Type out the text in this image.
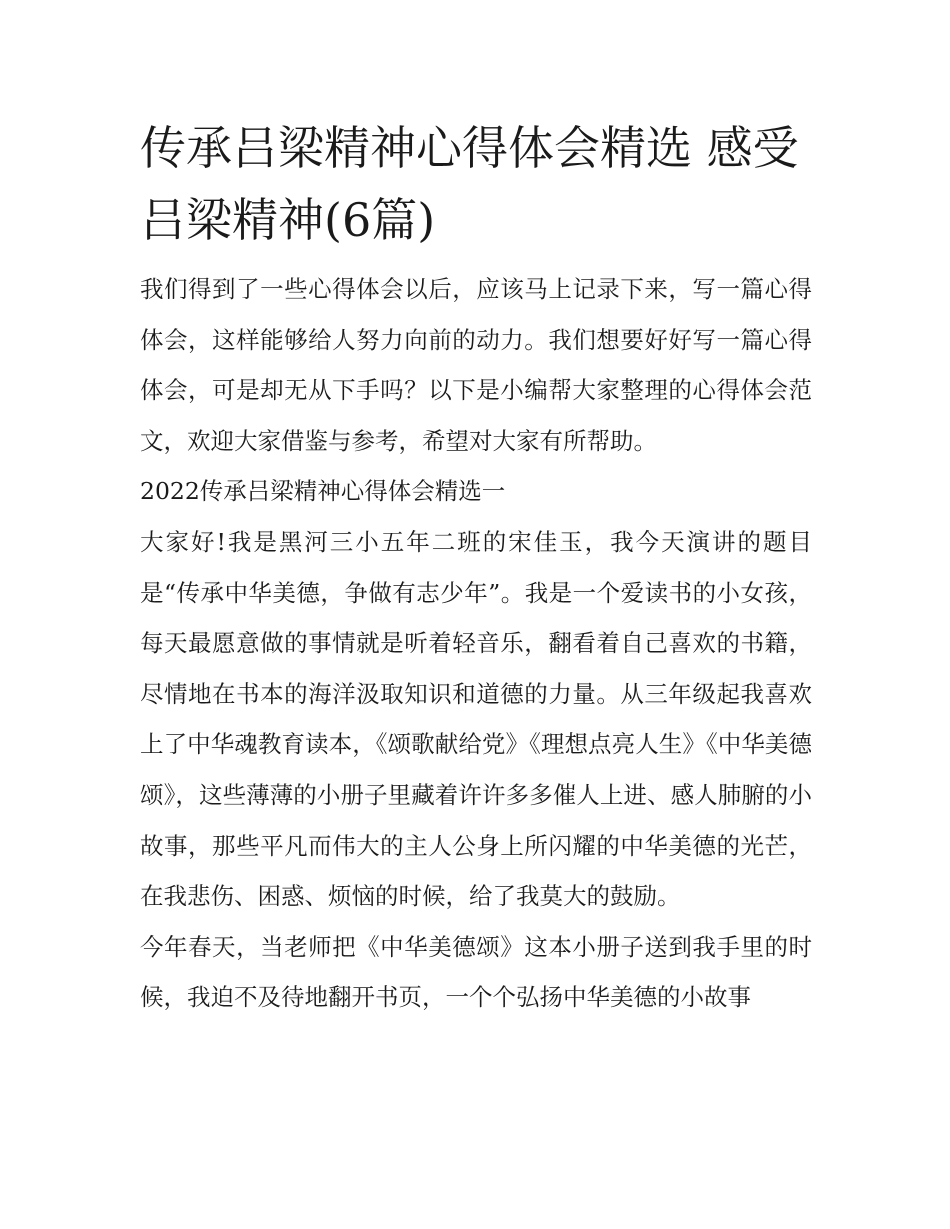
传承吕梁精神心得体会精选 感受吕梁精神(6篇)

我们得到了一些心得体会以后，应该马上记录下来，写一篇心得体会，这样能够给人努力向前的动力。我们想要好好写一篇心得体会，可是却无从下手吗？以下是小编帮大家整理的心得体会范文，欢迎大家借鉴与参考，希望对大家有所帮助。

2022传承吕梁精神心得体会精选一

大家好!我是黑河三小五年二班的宋佳玉，我今天演讲的题目是“传承中华美德，争做有志少年”。我是一个爱读书的小女孩，每天最愿意做的事情就是听着轻音乐，翻看着自己喜欢的书籍，尽情地在书本的海洋汲取知识和道德的力量。从三年级起我喜欢上了中华魂教育读本，《颂歌献给党》《理想点亮人生》《中华美德颂》，这些薄薄的小册子里藏着许许多多催人上进、感人肺腑的小故事，那些平凡而伟大的主人公身上所闪耀的中华美德的光芒，在我悲伤、困惑、烦恼的时候，给了我莫大的鼓励。

今年春天，当老师把《中华美德颂》这本小册子送到我手里的时候，我迫不及待地翻开书页，一个个弘扬中华美德的小故事
